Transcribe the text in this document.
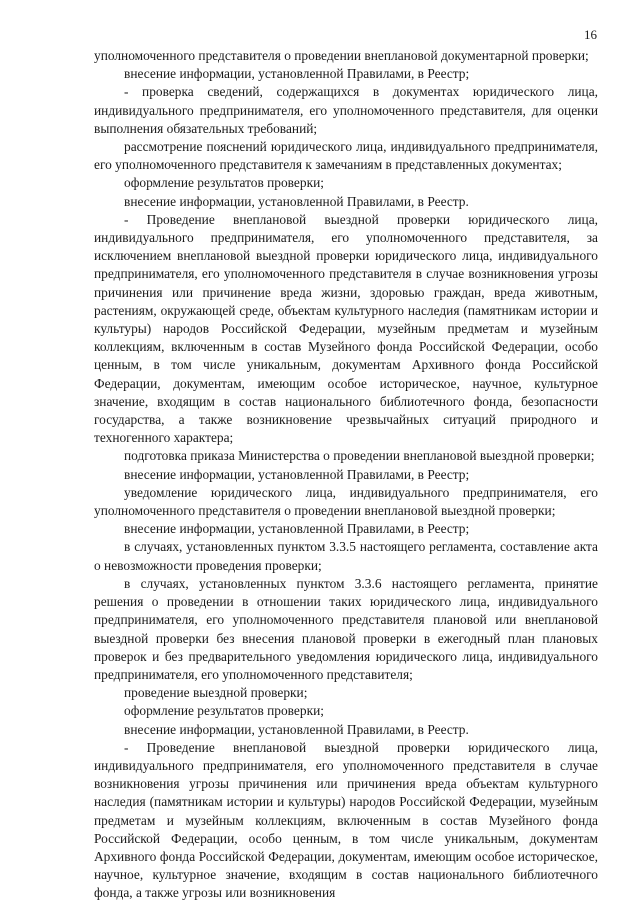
16

уполномоченного представителя о проведении внеплановой документарной проверки;

внесение информации, установленной Правилами, в Реестр;

- проверка сведений, содержащихся в документах юридического лица, индивидуального предпринимателя, его уполномоченного представителя, для оценки выполнения обязательных требований;

рассмотрение пояснений юридического лица, индивидуального предпринимателя, его уполномоченного представителя к замечаниям в представленных документах;

оформление результатов проверки;

внесение информации, установленной Правилами, в Реестр.

- Проведение внеплановой выездной проверки юридического лица, индивидуального предпринимателя, его уполномоченного представителя, за исключением внеплановой выездной проверки юридического лица, индивидуального предпринимателя, его уполномоченного представителя в случае возникновения угрозы причинения или причинение вреда жизни, здоровью граждан, вреда животным, растениям, окружающей среде, объектам культурного наследия (памятникам истории и культуры) народов Российской Федерации, музейным предметам и музейным коллекциям, включенным в состав Музейного фонда Российской Федерации, особо ценным, в том числе уникальным, документам Архивного фонда Российской Федерации, документам, имеющим особое историческое, научное, культурное значение, входящим в состав национального библиотечного фонда, безопасности государства, а также возникновение чрезвычайных ситуаций природного и техногенного характера;

подготовка приказа Министерства о проведении внеплановой выездной проверки;

внесение информации, установленной Правилами, в Реестр;

уведомление юридического лица, индивидуального предпринимателя, его уполномоченного представителя о проведении внеплановой выездной проверки;

внесение информации, установленной Правилами, в Реестр;

в случаях, установленных пунктом 3.3.5 настоящего регламента, составление акта о невозможности проведения проверки;

в случаях, установленных пунктом 3.3.6 настоящего регламента, принятие решения о проведении в отношении таких юридического лица, индивидуального предпринимателя, его уполномоченного представителя плановой или внеплановой выездной проверки без внесения плановой проверки в ежегодный план плановых проверок и без предварительного уведомления юридического лица, индивидуального предпринимателя, его уполномоченного представителя;

проведение выездной проверки;

оформление результатов проверки;

внесение информации, установленной Правилами, в Реестр.

- Проведение внеплановой выездной проверки юридического лица, индивидуального предпринимателя, его уполномоченного представителя в случае возникновения угрозы причинения или причинения вреда объектам культурного наследия (памятникам истории и культуры) народов Российской Федерации, музейным предметам и музейным коллекциям, включенным в состав Музейного фонда Российской Федерации, особо ценным, в том числе уникальным, документам Архивного фонда Российской Федерации, документам, имеющим особое историческое, научное, культурное значение, входящим в состав национального библиотечного фонда, а также угрозы или возникновения
